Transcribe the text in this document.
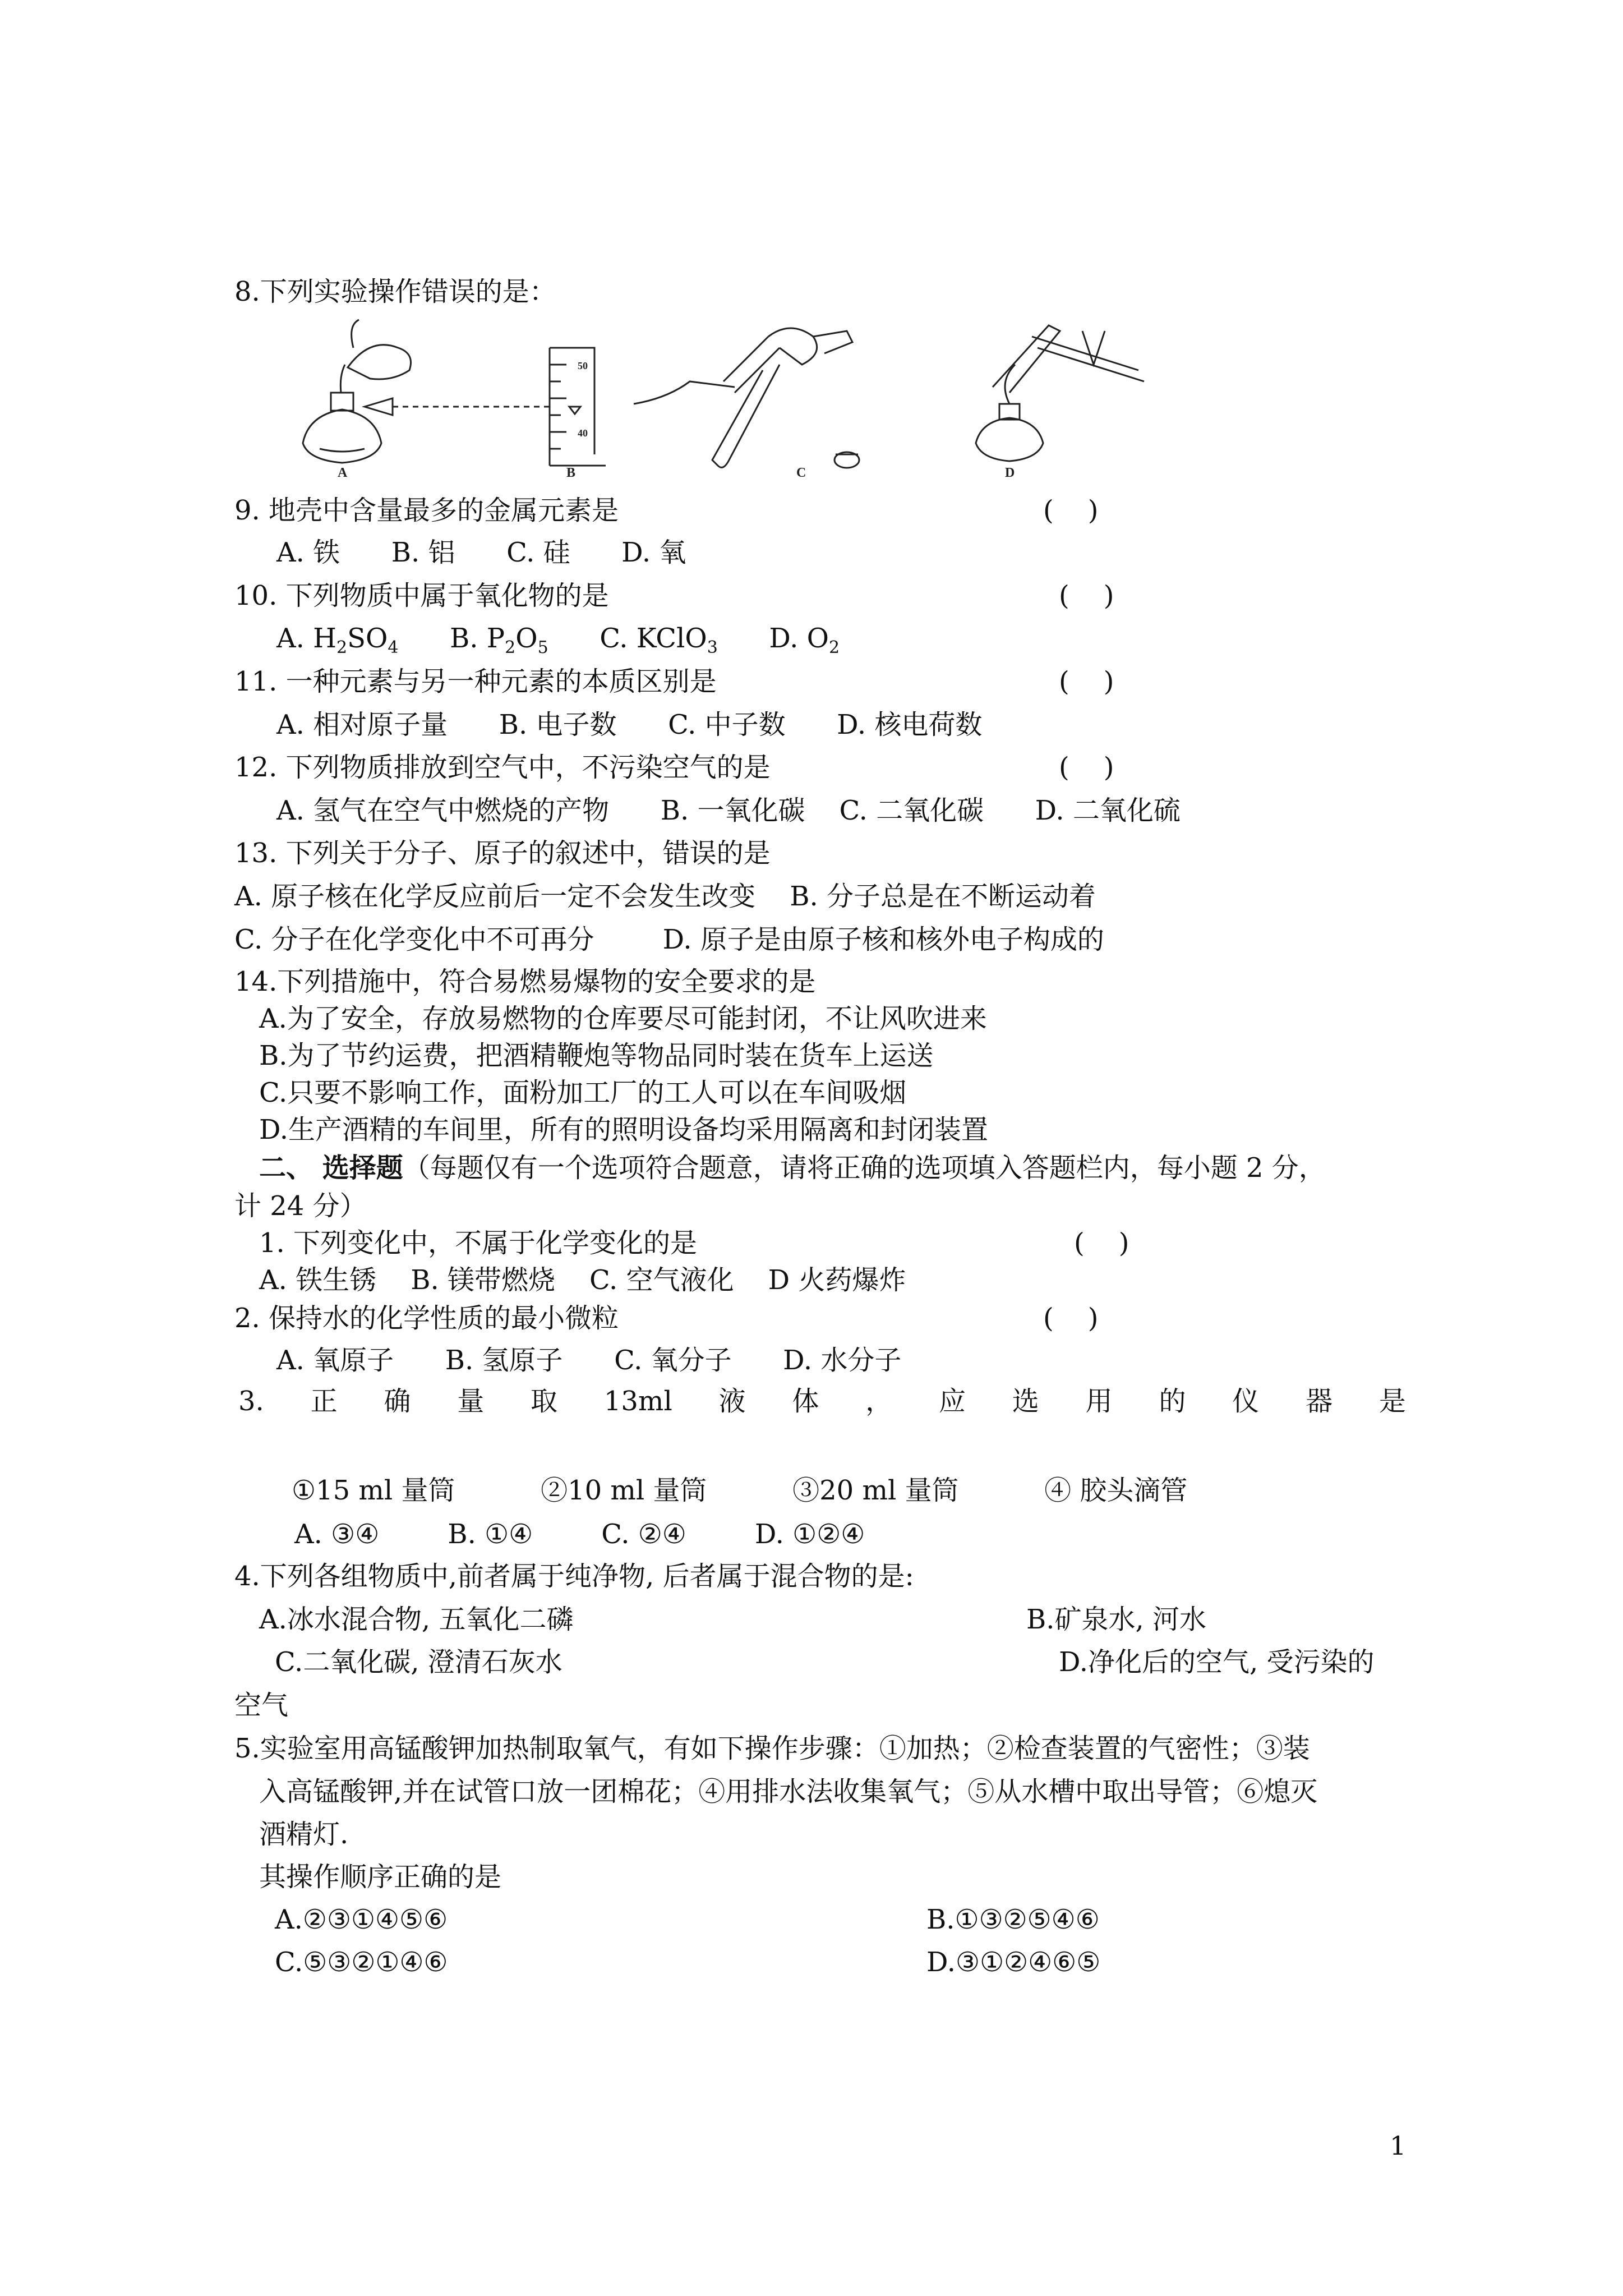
8.下列实验操作错误的是：
50
40
A	B	C	D
9. 地壳中含量最多的金属元素是	(    )
A. 铁      B. 铝      C. 硅      D. 氧
10. 下列物质中属于氧化物的是	(    )
A. $H_2SO_4$      B. $P_2O_5$      C. KClO$_3$      D. $O_2$
11. 一种元素与另一种元素的本质区别是	(    )
A. 相对原子量      B. 电子数      C. 中子数      D. 核电荷数
12. 下列物质排放到空气中，不污染空气的是	(    )
A. 氢气在空气中燃烧的产物      B. 一氧化碳    C. 二氧化碳      D. 二氧化硫
13. 下列关于分子、原子的叙述中，错误的是
A. 原子核在化学反应前后一定不会发生改变    B. 分子总是在不断运动着
C. 分子在化学变化中不可再分        D. 原子是由原子核和核外电子构成的
14.下列措施中，符合易燃易爆物的安全要求的是
A.为了安全，存放易燃物的仓库要尽可能封闭，不让风吹进来
B.为了节约运费，把酒精鞭炮等物品同时装在货车上运送
C.只要不影响工作，面粉加工厂的工人可以在车间吸烟
D.生产酒精的车间里，所有的照明设备均采用隔离和封闭装置
二、 选择题（每题仅有一个选项符合题意，请将正确的选项填入答题栏内，每小题 2 分，
计 24 分）
1. 下列变化中，不属于化学变化的是	(    )
A. 铁生锈    B. 镁带燃烧    C. 空气液化    D 火药爆炸
2. 保持水的化学性质的最小微粒	(    )
A. 氧原子      B. 氢原子      C. 氧分子      D. 水分子
3. 正 确 量 取 13ml 液 体 ， 应 选 用 的 仪 器 是
①15 ml 量筒          ②10 ml 量筒          ③20 ml 量筒          ④ 胶头滴管
A. ③④        B. ①④        C. ②④        D. ①②④
4.下列各组物质中,前者属于纯净物, 后者属于混合物的是:
A.冰水混合物, 五氧化二磷	B.矿泉水, 河水
C.二氧化碳, 澄清石灰水	D.净化后的空气, 受污染的
空气
5.实验室用高锰酸钾加热制取氧气，有如下操作步骤：①加热；②检查装置的气密性；③装
入高锰酸钾,并在试管口放一团棉花；④用排水法收集氧气；⑤从水槽中取出导管；⑥熄灭
酒精灯.
其操作顺序正确的是
A.②③①④⑤⑥	B.①③②⑤④⑥
C.⑤③②①④⑥	D.③①②④⑥⑤
1
